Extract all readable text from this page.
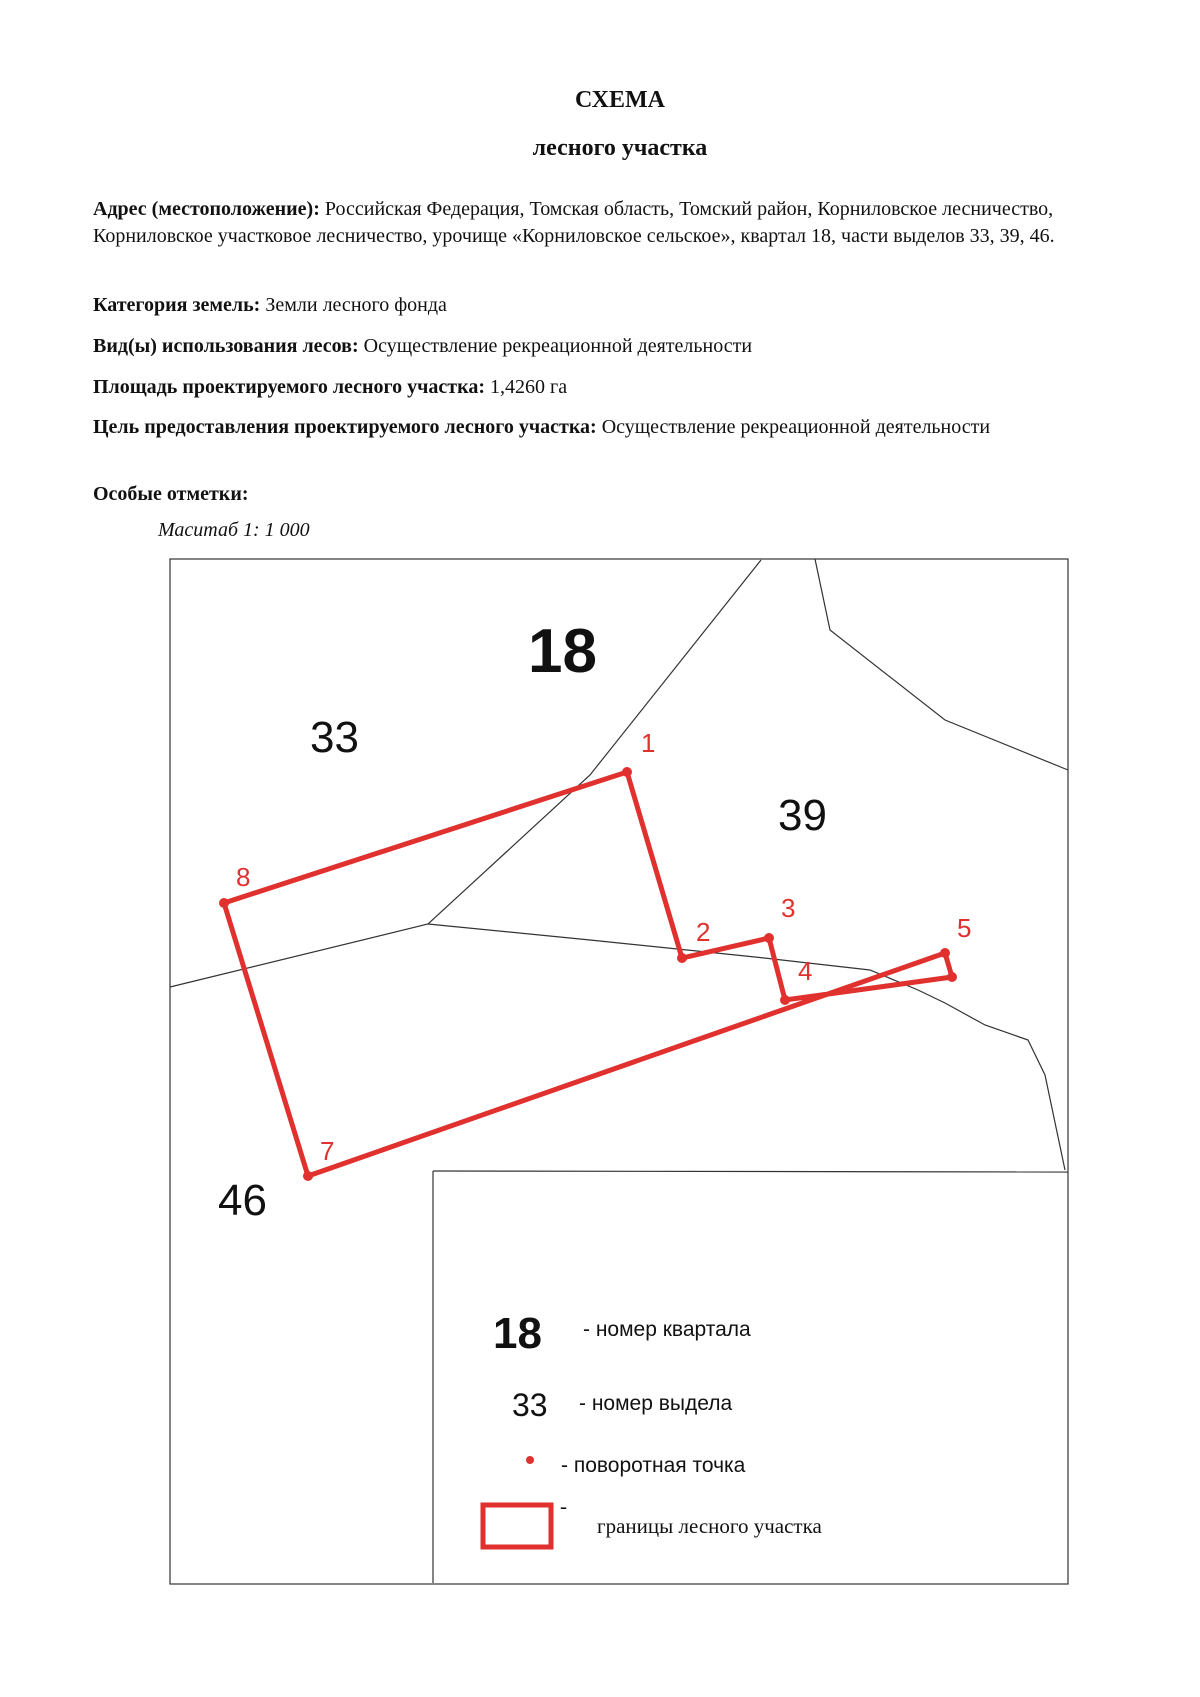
СХЕМА
лесного участка
Адрес (местоположение): Российская Федерация, Томская область, Томский район, Корниловское лесничество, Корниловское участковое лесничество, урочище «Корниловское сельское», квартал 18, части выделов 33, 39, 46.
Категория земель: Земли лесного фонда
Вид(ы) использования лесов: Осуществление рекреационной деятельности
Площадь проектируемого лесного участка: 1,4260 га
Цель предоставления проектируемого лесного участка: Осуществление рекреационной деятельности
Особые отметки:
Маситаб 1: 1 000
1
2
3
4
5
7
8
18
33
39
46
18 - номер квартала
33 - номер выдела
- поворотная точка
-
границы лесного участка
